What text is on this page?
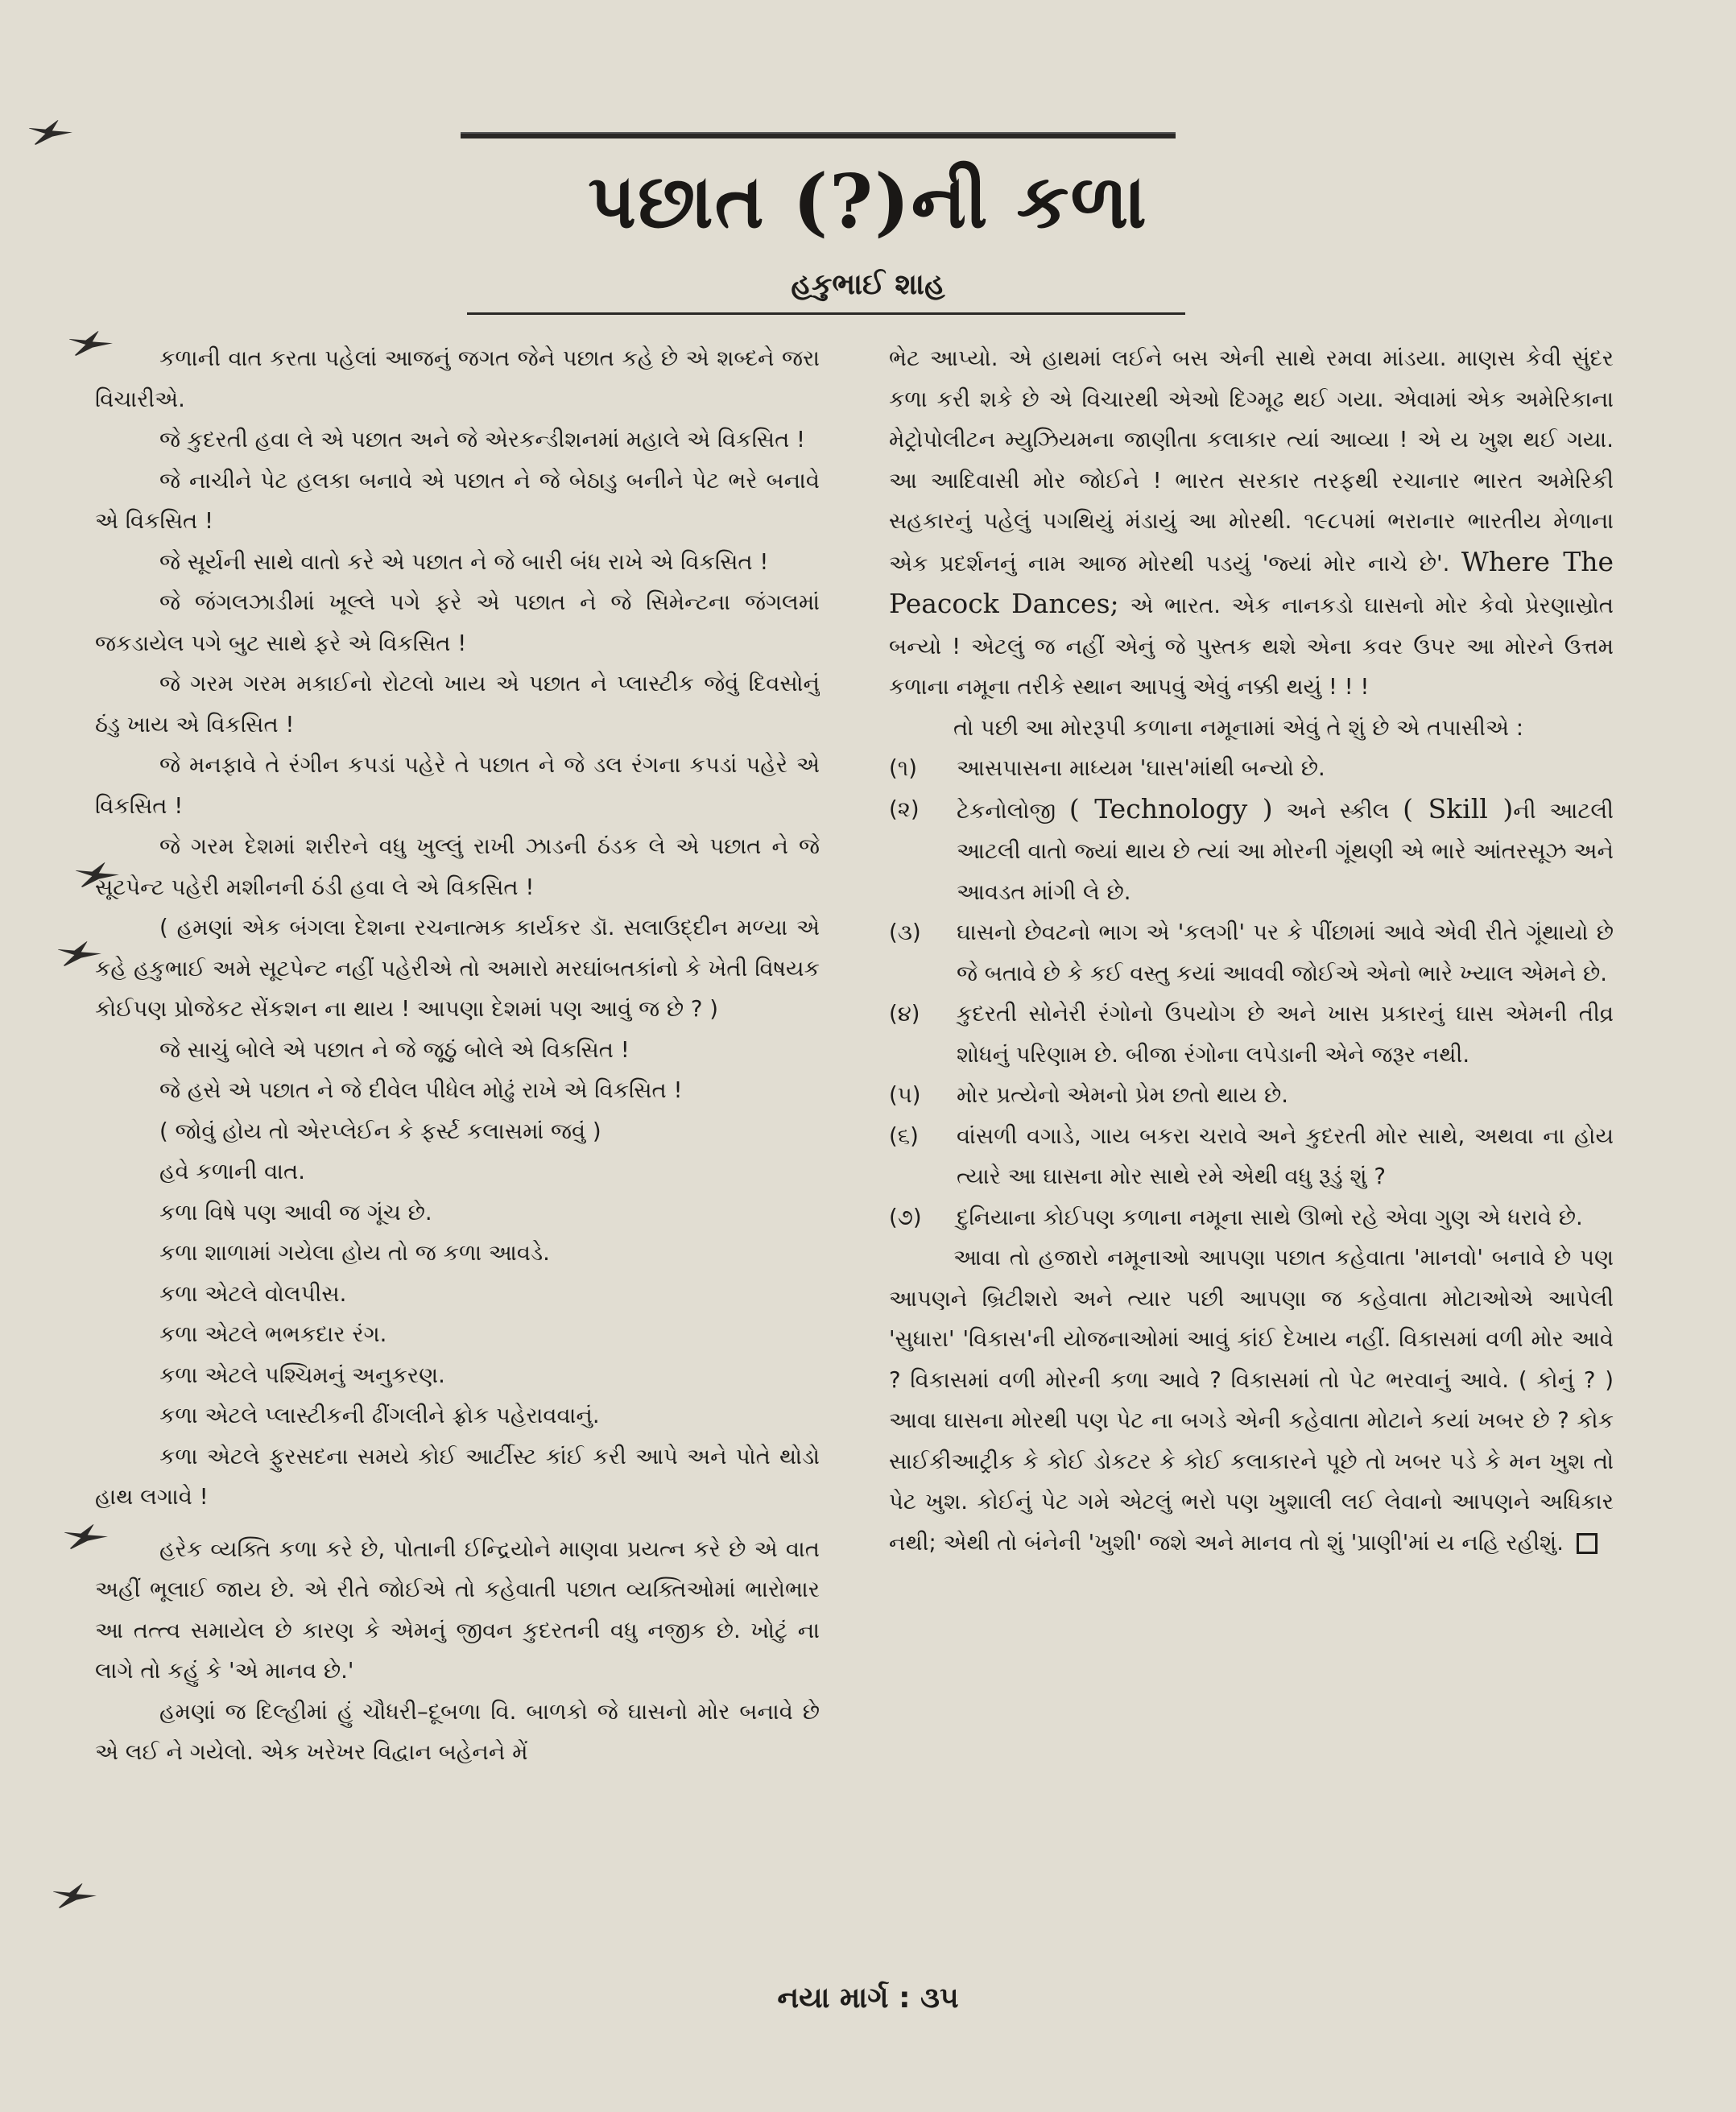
પછાત (?)ની કળા
હકુભાઈ શાહ

કળાની વાત કરતા પહેલાં આજનું જગત જેને પછાત કહે છે એ શબ્દને જરા વિચારીએ.

જે કુદરતી હવા લે એ પછાત અને જે એરકન્ડીશનમાં મહાલે એ વિકસિત !

જે નાચીને પેટ હલકા બનાવે એ પછાત ને જે બેઠાડુ બનીને પેટ ભરે બનાવે એ વિકસિત !

જે સૂર્યની સાથે વાતો કરે એ પછાત ને જે બારી બંધ રાખે એ વિકસિત !

જે જંગલઝાડીમાં ખૂલ્લે પગે ફરે એ પછાત ને જે સિમેન્ટના જંગલમાં જકડાયેલ પગે બુટ સાથે ફરે એ વિકસિત !

જે ગરમ ગરમ મકાઈનો રોટલો ખાય એ પછાત ને પ્લાસ્ટીક જેવું દિવસોનું ઠંડુ ખાય એ વિકસિત !

જે મનફાવે તે રંગીન કપડાં પહેરે તે પછાત ને જે ડલ રંગના કપડાં પહેરે એ વિકસિત !

જે ગરમ દેશમાં શરીરને વધુ ખુલ્લું રાખી ઝાડની ઠંડક લે એ પછાત ને જે સૂટપેન્ટ પહેરી મશીનની ઠંડી હવા લે એ વિકસિત !

( હમણાં એક બંગલા દેશના રચનાત્મક કાર્યકર ડૉ. સલાઉદ્દીન મળ્યા એ કહે હકુભાઈ અમે સૂટપેન્ટ નહીં પહેરીએ તો અમારો મરઘાંબતકાંનો કે ખેતી વિષયક કોઈપણ પ્રોજેકટ સેંકશન ના થાય ! આપણા દેશમાં પણ આવું જ છે ? )

જે સાચું બોલે એ પછાત ને જે જૂઠું બોલે એ વિકસિત !

જે હસે એ પછાત ને જે દીવેલ પીધેલ મોઢું રાખે એ વિકસિત !

( જોવું હોય તો એરપ્લેઈન કે ફર્સ્ટ કલાસમાં જવું )

હવે કળાની વાત.

કળા વિષે પણ આવી જ ગૂંચ છે.

કળા શાળામાં ગયેલા હોય તો જ કળા આવડે.

કળા એટલે વોલપીસ.

કળા એટલે ભભકદાર રંગ.

કળા એટલે પશ્ચિમનું અનુકરણ.

કળા એટલે પ્લાસ્ટીકની ઢીંગલીને ફ્રોક પહેરાવવાનું.

કળા એટલે ફુરસદના સમયે કોઈ આર્ટીસ્ટ કાંઈ કરી આપે અને પોતે થોડો હાથ લગાવે !

હરેક વ્યક્તિ કળા કરે છે, પોતાની ઈન્દ્રિયોને માણવા પ્રયત્ન કરે છે એ વાત અહીં ભૂલાઈ જાય છે. એ રીતે જોઈએ તો કહેવાતી પછાત વ્યક્તિઓમાં ભારોભાર આ તત્ત્વ સમાયેલ છે કારણ કે એમનું જીવન કુદરતની વધુ નજીક છે. ખોટું ના લાગે તો કહું કે 'એ માનવ છે.'

હમણાં જ દિલ્હીમાં હું ચૌધરી–દૂબળા વિ. બાળકો જે ઘાસનો મોર બનાવે છે એ લઈ ને ગયેલો. એક ખરેખર વિદ્વાન બહેનને મેં

ભેટ આપ્યો. એ હાથમાં લઈને બસ એની સાથે રમવા માંડયા. માણસ કેવી સુંદર કળા કરી શકે છે એ વિચારથી એઓ દિગ્મૂઢ થઈ ગયા. એવામાં એક અમેરિકાના મેટ્રોપોલીટન મ્યુઝિયમના જાણીતા કલાકાર ત્યાં આવ્યા ! એ ય ખુશ થઈ ગયા. આ આદિવાસી મોર જોઈને ! ભારત સરકાર તરફથી રચાનાર ભારત અમેરિકી સહકારનું પહેલું પગથિયું મંડાયું આ મોરથી. ૧૯૮૫માં ભરાનાર ભારતીય મેળાના એક પ્રદર્શનનું નામ આજ મોરથી પડયું 'જ્યાં મોર નાચે છે'. Where The Peacock Dances; એ ભારત. એક નાનકડો ઘાસનો મોર કેવો પ્રેરણાસ્રોત બન્યો ! એટલું જ નહીં એનું જે પુસ્તક થશે એના કવર ઉપર આ મોરને ઉત્તમ કળાના નમૂના તરીકે સ્થાન આપવું એવું નક્કી થયું ! ! !

તો પછી આ મોરરૂપી કળાના નમૂનામાં એવું તે શું છે એ તપાસીએ :

(૧)	આસપાસના માધ્યમ 'ઘાસ'માંથી બન્યો છે.
(૨)	ટેકનોલોજી ( Technology ) અને સ્કીલ ( Skill )ની આટલી આટલી વાતો જ્યાં થાય છે ત્યાં આ મોરની ગૂંથણી એ ભારે આંતરસૂઝ અને આવડત માંગી લે છે.
(૩)	ઘાસનો છેવટનો ભાગ એ 'કલગી' પર કે પીંછામાં આવે એવી રીતે ગૂંથાયો છે જે બતાવે છે કે કઈ વસ્તુ કયાં આવવી જોઈએ એનો ભારે ખ્યાલ એમને છે.
(૪)	કુદરતી સોનેરી રંગોનો ઉપયોગ છે અને ખાસ પ્રકારનું ઘાસ એમની તીવ્ર શોધનું પરિણામ છે. બીજા રંગોના લપેડાની એને જરૂર નથી.
(૫)	મોર પ્રત્યેનો એમનો પ્રેમ છતો થાય છે.
(૬)	વાંસળી વગાડે, ગાય બકરા ચરાવે અને કુદરતી મોર સાથે, અથવા ના હોય ત્યારે આ ઘાસના મોર સાથે રમે એથી વધુ રૂડું શું ?
(૭)	દુનિયાના કોઈપણ કળાના નમૂના સાથે ઊભો રહે એવા ગુણ એ ધરાવે છે.

આવા તો હજારો નમૂનાઓ આપણા પછાત કહેવાતા 'માનવો' બનાવે છે પણ આપણને બ્રિટીશરો અને ત્યાર પછી આપણા જ કહેવાતા મોટાઓએ આપેલી 'સુધારા' 'વિકાસ'ની યોજનાઓમાં આવું કાંઈ દેખાય નહીં. વિકાસમાં વળી મોર આવે ? વિકાસમાં વળી મોરની કળા આવે ? વિકાસમાં તો પેટ ભરવાનું આવે. ( કોનું ? ) આવા ઘાસના મોરથી પણ પેટ ના બગડે એની કહેવાતા મોટાને કયાં ખબર છે ? કોક સાઈકીઆટ્રીક કે કોઈ ડોકટર કે કોઈ કલાકારને પૂછે તો ખબર પડે કે મન ખુશ તો પેટ ખુશ. કોઈનું પેટ ગમે એટલું ભરો પણ ખુશાલી લઈ લેવાનો આપણને અધિકાર નથી; એથી તો બંનેની 'ખુશી' જશે અને માનવ તો શું 'પ્રાણી'માં ય નહિ રહીશું.

નયા માર્ગ : ૩૫
